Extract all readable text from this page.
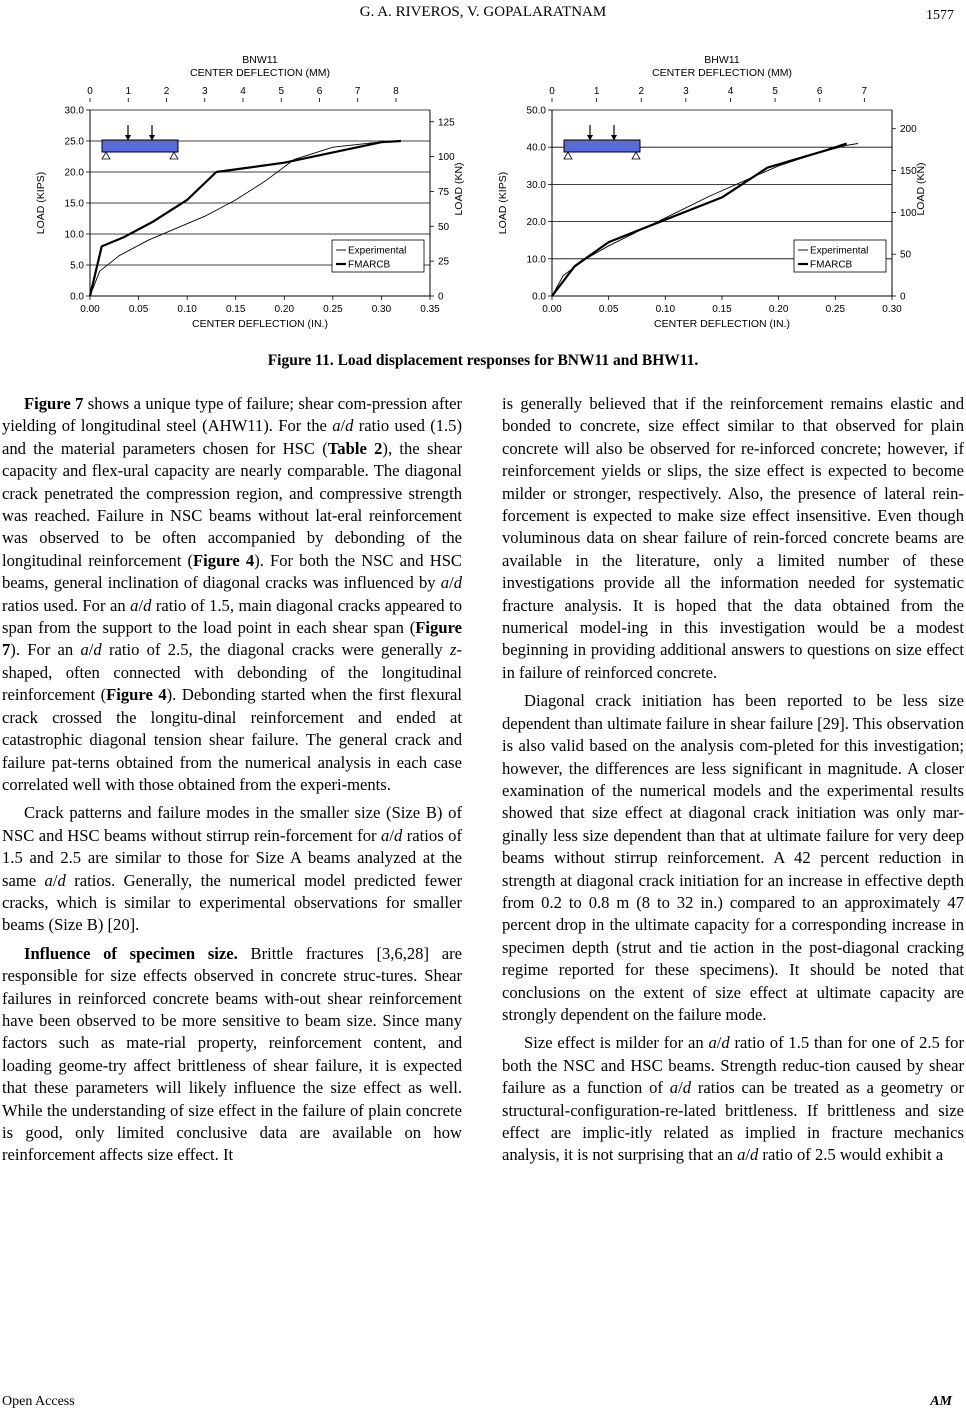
G. A. RIVEROS, V. GOPALARATNAM	1577
BNW11
CENTER DEFLECTION (MM)
0.0
5.0
10.0
15.0
20.0
25.0
30.0
0.00	0.05	0.10	0.15	0.20	0.25	0.30	0.35
CENTER DEFLECTION (IN.)
0	1	2	3	4	5	6	7	8
0
25
50
75
100
125
LOAD (KIPS)	LOAD (KN)
Experimental
FMARCB
BHW11
CENTER DEFLECTION (MM)
0.0
10.0
20.0
30.0
40.0
50.0
0.00	0.05	0.10	0.15	0.20	0.25	0.30
CENTER DEFLECTION (IN.)
0	1	2	3	4	5	6	7
0
50
100
150
200
LOAD (KIPS)	LOAD (KN)
Experimental
FMARCB
Figure 11. Load displacement responses for BNW11 and BHW11.

Figure 7 shows a unique type of failure; shear com-pression after yielding of longitudinal steel (AHW11). For the a/d ratio used (1.5) and the material parameters chosen for HSC (Table 2), the shear capacity and flex-ural capacity are nearly comparable. The diagonal crack penetrated the compression region, and compressive strength was reached. Failure in NSC beams without lat-eral reinforcement was observed to be often accompanied by debonding of the longitudinal reinforcement (Figure 4). For both the NSC and HSC beams, general inclination of diagonal cracks was influenced by a/d ratios used. For an a/d ratio of 1.5, main diagonal cracks appeared to span from the support to the load point in each shear span (Figure 7). For an a/d ratio of 2.5, the diagonal cracks were generally z-shaped, often connected with debonding of the longitudinal reinforcement (Figure 4). Debonding started when the first flexural crack crossed the longitu-dinal reinforcement and ended at catastrophic diagonal tension shear failure. The general crack and failure pat-terns obtained from the numerical analysis in each case correlated well with those obtained from the experi-ments.

Crack patterns and failure modes in the smaller size (Size B) of NSC and HSC beams without stirrup rein-forcement for a/d ratios of 1.5 and 2.5 are similar to those for Size A beams analyzed at the same a/d ratios. Generally, the numerical model predicted fewer cracks, which is similar to experimental observations for smaller beams (Size B) [20].

Influence of specimen size. Brittle fractures [3,6,28] are responsible for size effects observed in concrete struc-tures. Shear failures in reinforced concrete beams with-out shear reinforcement have been observed to be more sensitive to beam size. Since many factors such as mate-rial property, reinforcement content, and loading geome-try affect brittleness of shear failure, it is expected that these parameters will likely influence the size effect as well. While the understanding of size effect in the failure of plain concrete is good, only limited conclusive data are available on how reinforcement affects size effect. It

is generally believed that if the reinforcement remains elastic and bonded to concrete, size effect similar to that observed for plain concrete will also be observed for re-inforced concrete; however, if reinforcement yields or slips, the size effect is expected to become milder or stronger, respectively. Also, the presence of lateral rein-forcement is expected to make size effect insensitive. Even though voluminous data on shear failure of rein-forced concrete beams are available in the literature, only a limited number of these investigations provide all the information needed for systematic fracture analysis. It is hoped that the data obtained from the numerical model-ing in this investigation would be a modest beginning in providing additional answers to questions on size effect in failure of reinforced concrete.

Diagonal crack initiation has been reported to be less size dependent than ultimate failure in shear failure [29]. This observation is also valid based on the analysis com-pleted for this investigation; however, the differences are less significant in magnitude. A closer examination of the numerical models and the experimental results showed that size effect at diagonal crack initiation was only mar-ginally less size dependent than that at ultimate failure for very deep beams without stirrup reinforcement. A 42 percent reduction in strength at diagonal crack initiation for an increase in effective depth from 0.2 to 0.8 m (8 to 32 in.) compared to an approximately 47 percent drop in the ultimate capacity for a corresponding increase in specimen depth (strut and tie action in the post-diagonal cracking regime reported for these specimens). It should be noted that conclusions on the extent of size effect at ultimate capacity are strongly dependent on the failure mode.

Size effect is milder for an a/d ratio of 1.5 than for one of 2.5 for both the NSC and HSC beams. Strength reduc-tion caused by shear failure as a function of a/d ratios can be treated as a geometry or structural-configuration-re-lated brittleness. If brittleness and size effect are implic-itly related as implied in fracture mechanics analysis, it is not surprising that an a/d ratio of 2.5 would exhibit a

Open Access	AM
